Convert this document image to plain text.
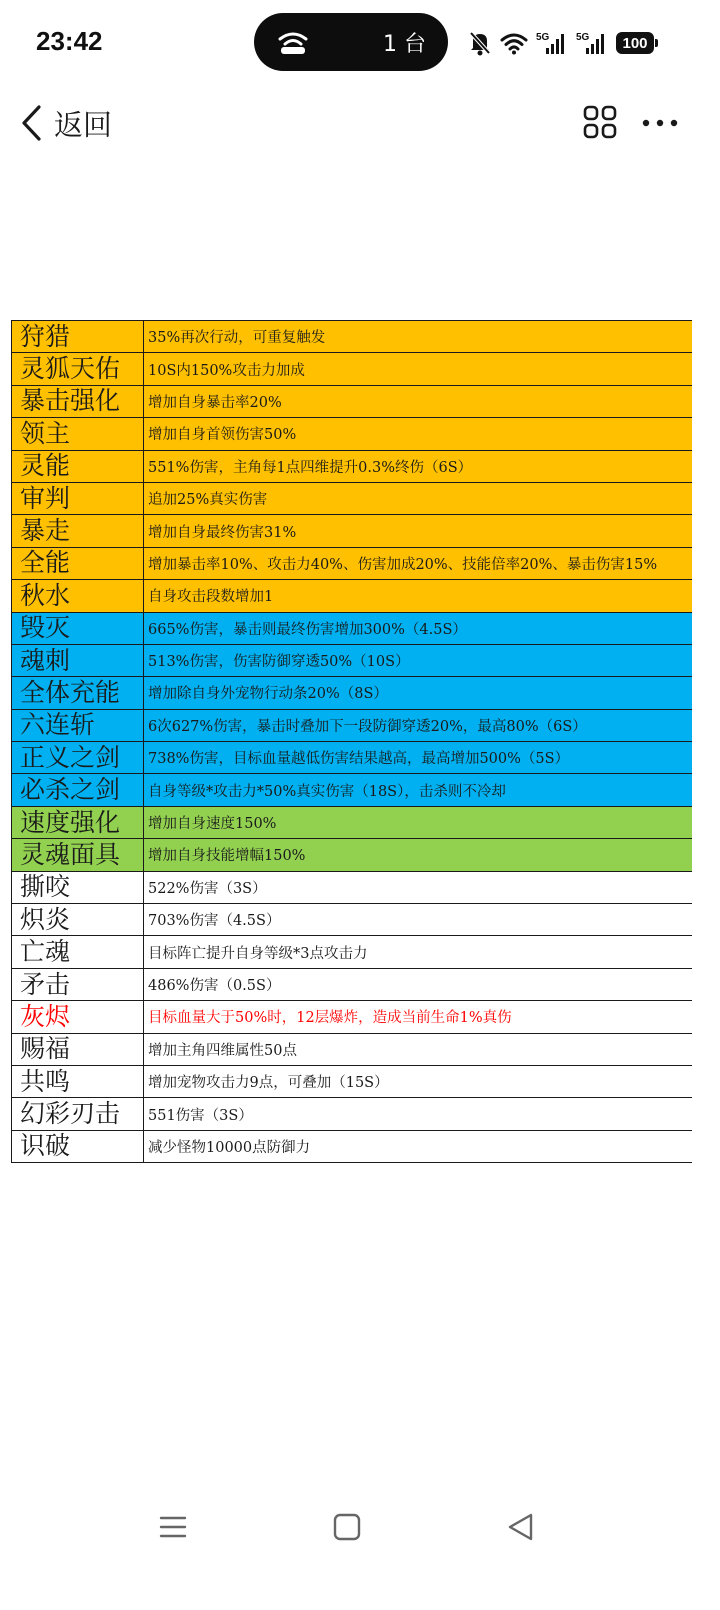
23:42	1 台	5G	5G 100
返回
狩猎	35%再次行动，可重复触发
灵狐天佑	10S内150%攻击力加成
暴击强化	增加自身暴击率20%
领主	增加自身首领伤害50%
灵能	551%伤害，主角每1点四维提升0.3%终伤（6S）
审判	追加25%真实伤害
暴走	增加自身最终伤害31%
全能	增加暴击率10%、攻击力40%、伤害加成20%、技能倍率20%、暴击伤害15%
秋水	自身攻击段数增加1
毁灭	665%伤害，暴击则最终伤害增加300%（4.5S）
魂刺	513%伤害，伤害防御穿透50%（10S）
全体充能	增加除自身外宠物行动条20%（8S）
六连斩	6次627%伤害，暴击时叠加下一段防御穿透20%，最高80%（6S）
正义之剑	738%伤害，目标血量越低伤害结果越高，最高增加500%（5S）
必杀之剑	自身等级*攻击力*50%真实伤害（18S），击杀则不冷却
速度强化	增加自身速度150%
灵魂面具	增加自身技能增幅150%
撕咬	522%伤害（3S）
炽炎	703%伤害（4.5S）
亡魂	目标阵亡提升自身等级*3点攻击力
矛击	486%伤害（0.5S）
灰烬	目标血量大于50%时，12层爆炸，造成当前生命1%真伤
赐福	增加主角四维属性50点
共鸣	增加宠物攻击力9点，可叠加（15S）
幻彩刃击	551伤害（3S）
识破	减少怪物10000点防御力
